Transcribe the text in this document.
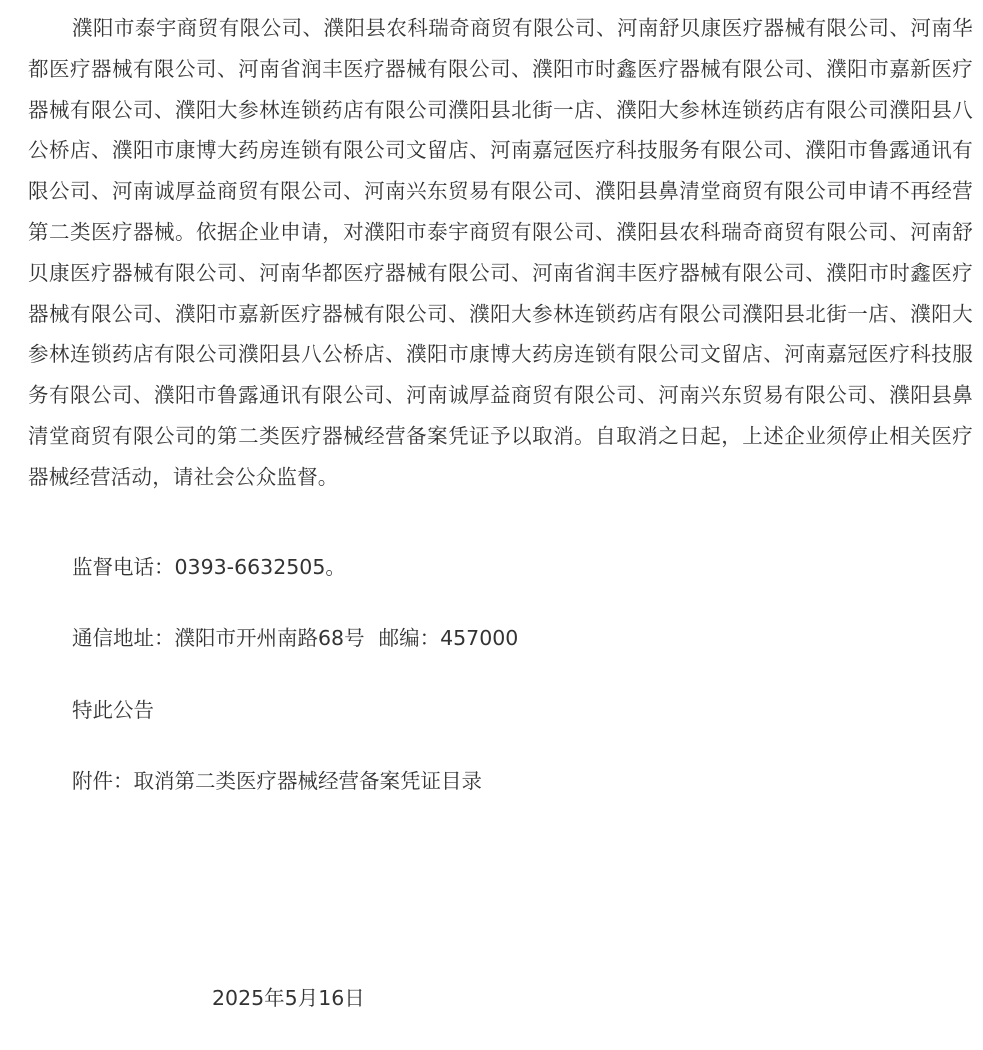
濮阳市泰宇商贸有限公司、濮阳县农科瑞奇商贸有限公司、河南舒贝康医疗器械有限公司、河南华都医疗器械有限公司、河南省润丰医疗器械有限公司、濮阳市时鑫医疗器械有限公司、濮阳市嘉新医疗器械有限公司、濮阳大参林连锁药店有限公司濮阳县北街一店、濮阳大参林连锁药店有限公司濮阳县八公桥店、濮阳市康博大药房连锁有限公司文留店、河南嘉冠医疗科技服务有限公司、濮阳市鲁露通讯有限公司、河南诚厚益商贸有限公司、河南兴东贸易有限公司、濮阳县鼻清堂商贸有限公司申请不再经营第二类医疗器械。依据企业申请，对濮阳市泰宇商贸有限公司、濮阳县农科瑞奇商贸有限公司、河南舒贝康医疗器械有限公司、河南华都医疗器械有限公司、河南省润丰医疗器械有限公司、濮阳市时鑫医疗器械有限公司、濮阳市嘉新医疗器械有限公司、濮阳大参林连锁药店有限公司濮阳县北街一店、濮阳大参林连锁药店有限公司濮阳县八公桥店、濮阳市康博大药房连锁有限公司文留店、河南嘉冠医疗科技服务有限公司、濮阳市鲁露通讯有限公司、河南诚厚益商贸有限公司、河南兴东贸易有限公司、濮阳县鼻清堂商贸有限公司的第二类医疗器械经营备案凭证予以取消。自取消之日起，上述企业须停止相关医疗器械经营活动，请社会公众监督。

监督电话：0393-6632505。

通信地址：濮阳市开州南路68号 邮编：457000

特此公告

附件：取消第二类医疗器械经营备案凭证目录

2025年5月16日
